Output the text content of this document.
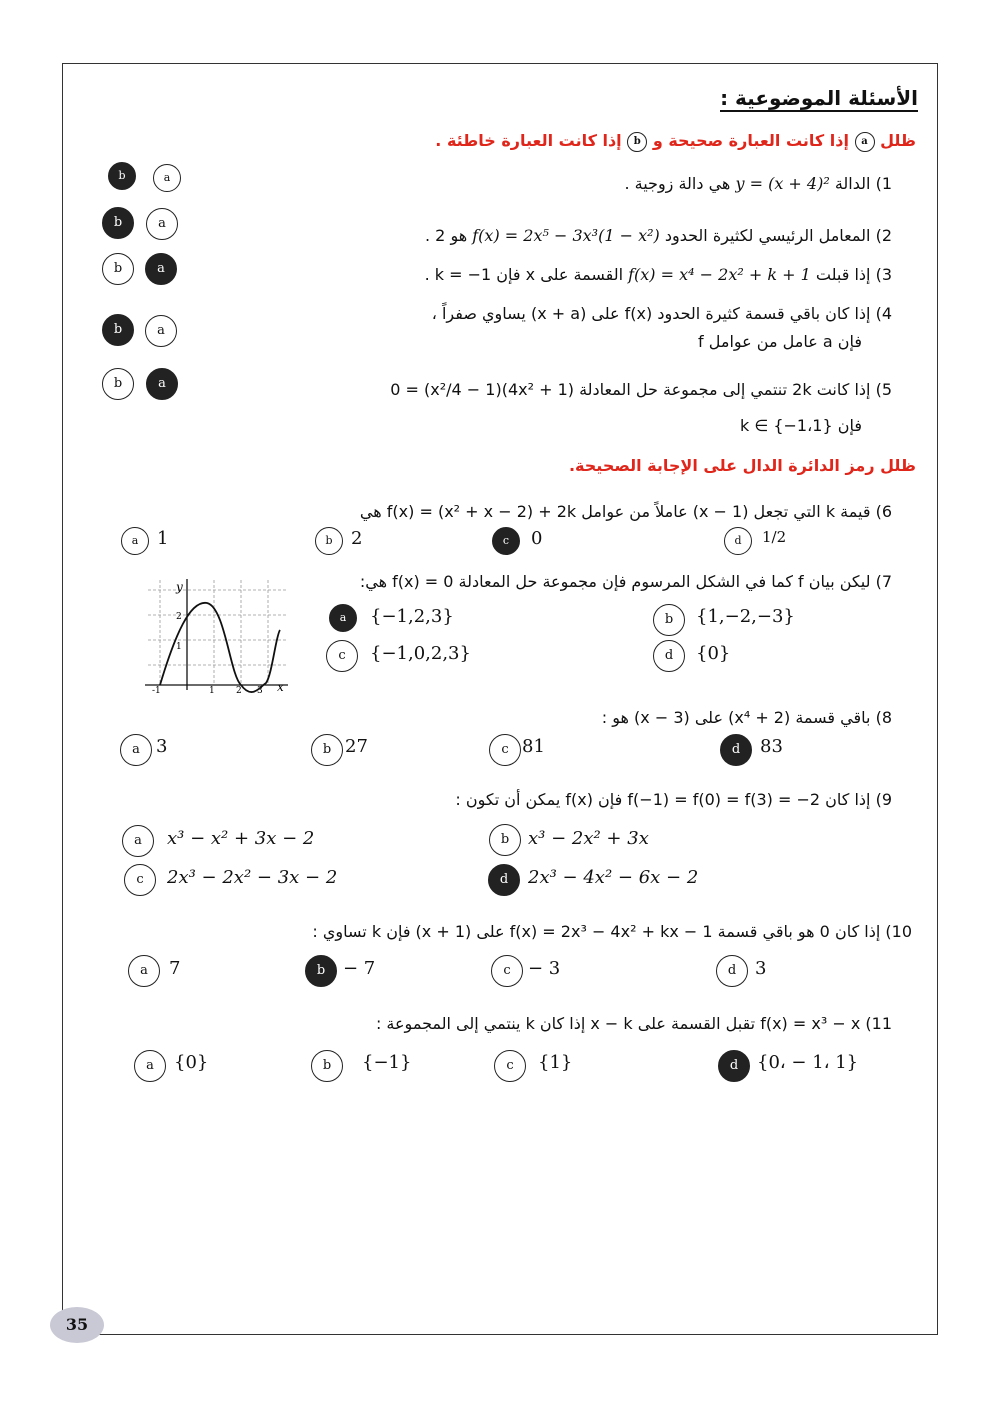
الأسئلة الموضوعية :
ظلل a إذا كانت العبارة صحيحة و b إذا كانت العبارة خاطئة .
1) الدالة y = (x + 4)² هي دالة زوجية .
2) المعامل الرئيسي لكثيرة الحدود f(x) = 2x⁵ − 3x³(1 − x²) هو 2 .
3) إذا قبلت f(x) = x⁴ − 2x² + k + 1 القسمة على x فإن k = −1 .
4) إذا كان باقي قسمة كثيرة الحدود f(x) على (x + a) يساوي صفراً ،
فإن a عامل من عوامل f
5) إذا كانت 2k تنتمي إلى مجموعة حل المعادلة (4x² + 1)(x²/4 − 1) = 0
فإن k ∈ {−1،1}
b	a
b	a
b	a
b	a
b	a
ظلل رمز الدائرة الدال على الإجابة الصحيحة.
6) قيمة k التي تجعل (x − 1) عاملاً من عوامل f(x) = (x² + x − 2) + 2k هي
a	1	b	2	c	0	d	1/2
7) ليكن بيان f كما في الشكل المرسوم فإن مجموعة حل المعادلة f(x) = 0 هي:
a	{−1,2,3}	b	{1,−2,−3}
c	{−1,0,2,3}	d	{0}
y
x
-1	1 2 3
1
2
8) باقي قسمة (x⁴ + 2) على (x − 3) هو :
a 3	b 27	c 81	d	83
9) إذا كان f(−1) = f(0) = f(3) = −2 فإن f(x) يمكن أن تكون :
a	x³ − x² + 3x − 2	b	x³ − 2x² + 3x
c	2x³ − 2x² − 3x − 2	d	2x³ − 4x² − 6x − 2
10) إذا كان 0 هو باقي قسمة f(x) = 2x³ − 4x² + kx − 1 على (x + 1) فإن k تساوي :
a	7	b − 7	c − 3	d	3
11) f(x) = x³ − x تقبل القسمة على x − k إذا كان k ينتمي إلى المجموعة :
a	{0}	b	{−1}	c	{1}	d	{0، − 1، 1}
35
